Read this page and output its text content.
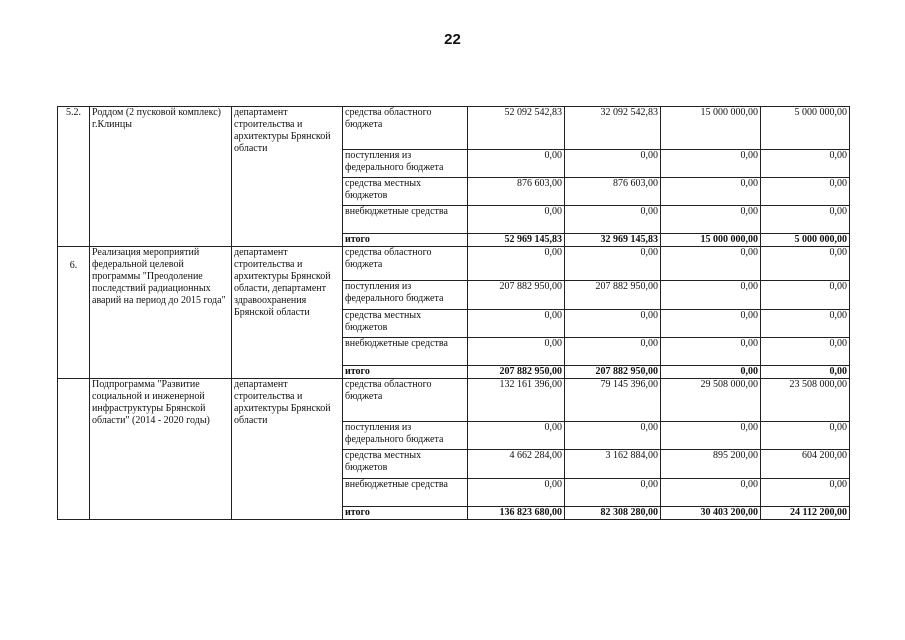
22
5.2.	Роддом (2 пусковой комплекс) г.Клинцы	департамент строительства и архитектуры Брянской области	средства областного бюджета	52 092 542,83	32 092 542,83	15 000 000,00	5 000 000,00
			поступления из федерального бюджета	0,00	0,00	0,00	0,00
			средства местных бюджетов	876 603,00	876 603,00	0,00	0,00
			внебюджетные средства	0,00	0,00	0,00	0,00
			итого	52 969 145,83	32 969 145,83	15 000 000,00	5 000 000,00
6.	Реализация мероприятий федеральной целевой программы "Преодоление последствий радиационных аварий на период до 2015 года"	департамент строительства и архитектуры Брянской области, департамент здравоохранения Брянской области	средства областного бюджета	0,00	0,00	0,00	0,00
			поступления из федерального бюджета	207 882 950,00	207 882 950,00	0,00	0,00
			средства местных бюджетов	0,00	0,00	0,00	0,00
			внебюджетные средства	0,00	0,00	0,00	0,00
			итого	207 882 950,00	207 882 950,00	0,00	0,00
	Подпрограмма "Развитие социальной и инженерной инфраструктуры Брянской области" (2014 - 2020 годы)	департамент строительства и архитектуры Брянской области	средства областного бюджета	132 161 396,00	79 145 396,00	29 508 000,00	23 508 000,00
			поступления из федерального бюджета	0,00	0,00	0,00	0,00
			средства местных бюджетов	4 662 284,00	3 162 884,00	895 200,00	604 200,00
			внебюджетные средства	0,00	0,00	0,00	0,00
			итого	136 823 680,00	82 308 280,00	30 403 200,00	24 112 200,00
